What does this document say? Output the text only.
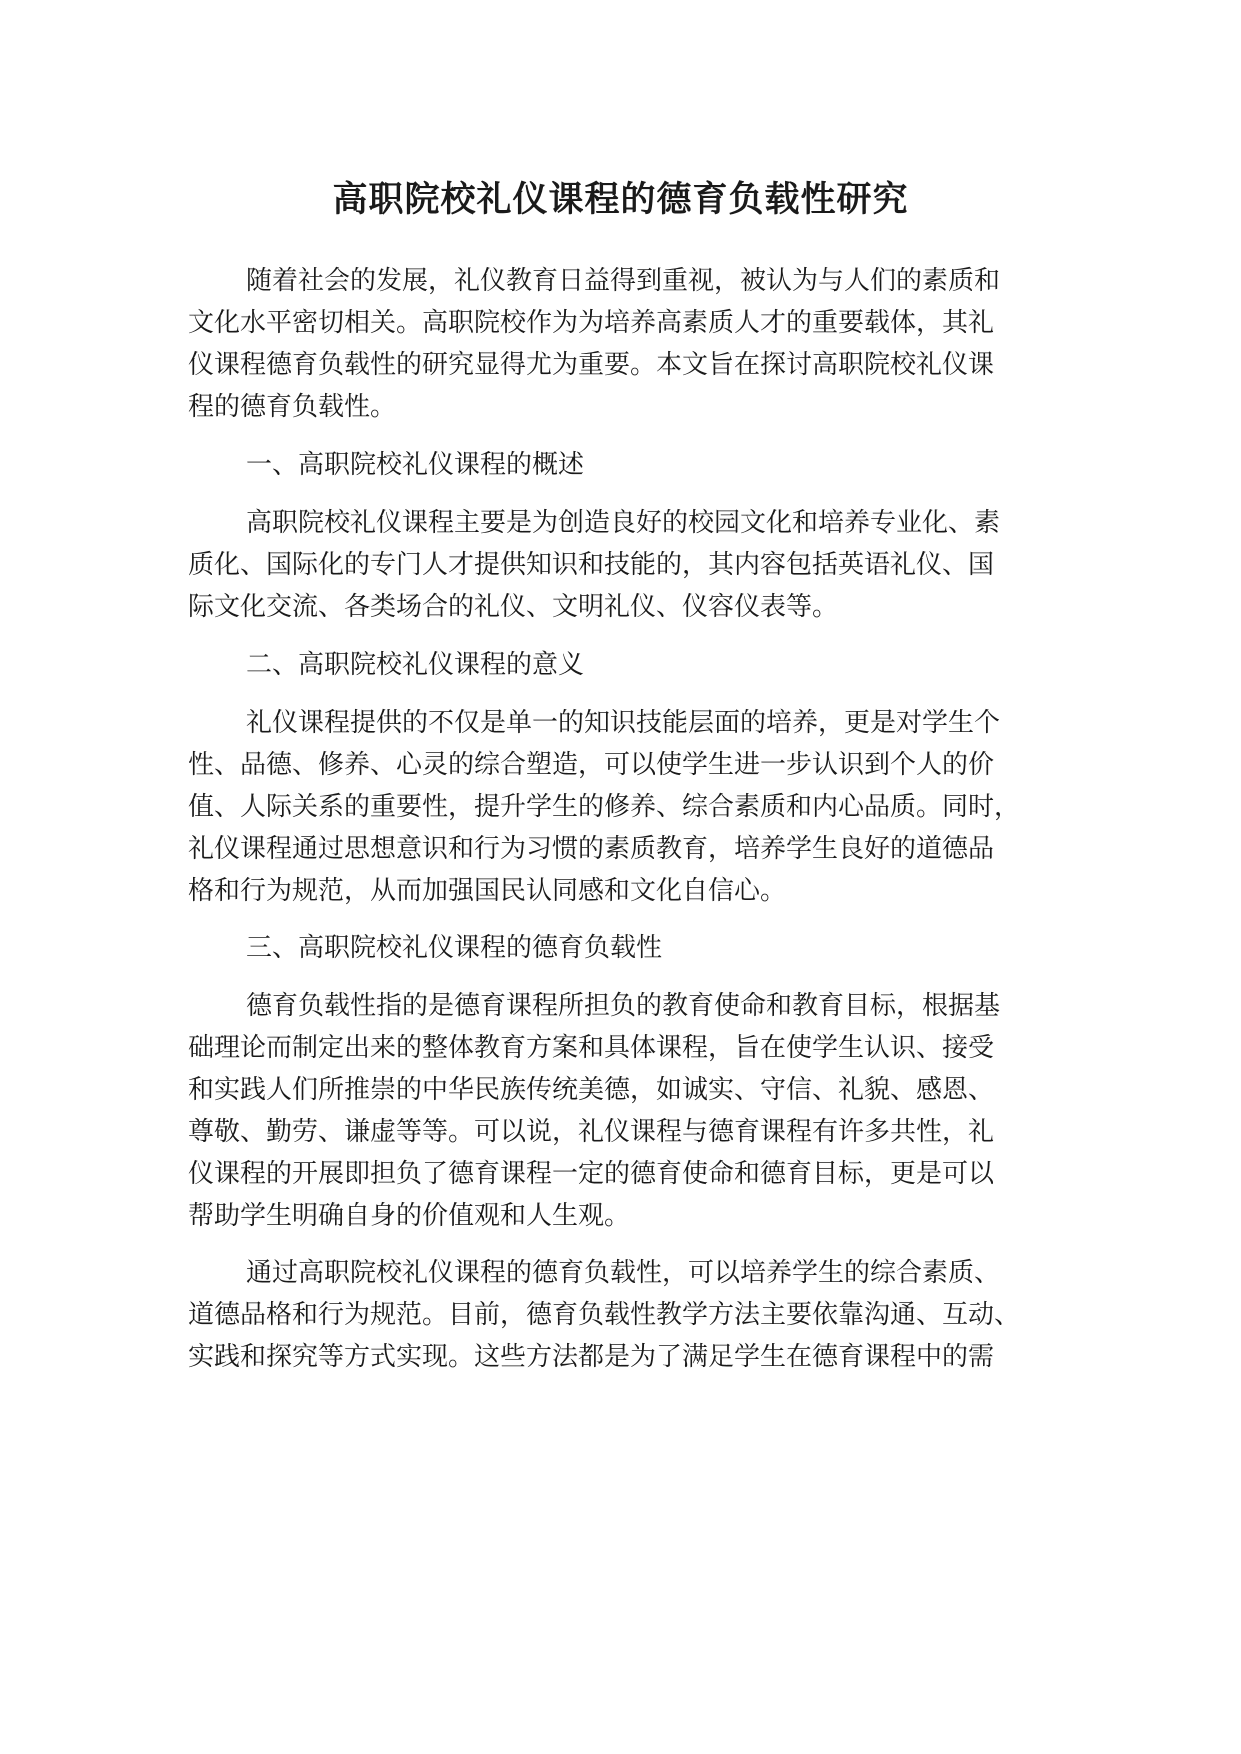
高职院校礼仪课程的德育负载性研究

随着社会的发展，礼仪教育日益得到重视，被认为与人们的素质和

文化水平密切相关。高职院校作为为培养高素质人才的重要载体，其礼

仪课程德育负载性的研究显得尤为重要。本文旨在探讨高职院校礼仪课

程的德育负载性。

一、高职院校礼仪课程的概述

高职院校礼仪课程主要是为创造良好的校园文化和培养专业化、素

质化、国际化的专门人才提供知识和技能的，其内容包括英语礼仪、国

际文化交流、各类场合的礼仪、文明礼仪、仪容仪表等。

二、高职院校礼仪课程的意义

礼仪课程提供的不仅是单一的知识技能层面的培养，更是对学生个

性、品德、修养、心灵的综合塑造，可以使学生进一步认识到个人的价

值、人际关系的重要性，提升学生的修养、综合素质和内心品质。同时，

礼仪课程通过思想意识和行为习惯的素质教育，培养学生良好的道德品

格和行为规范，从而加强国民认同感和文化自信心。

三、高职院校礼仪课程的德育负载性

德育负载性指的是德育课程所担负的教育使命和教育目标，根据基

础理论而制定出来的整体教育方案和具体课程，旨在使学生认识、接受

和实践人们所推崇的中华民族传统美德，如诚实、守信、礼貌、感恩、

尊敬、勤劳、谦虚等等。可以说，礼仪课程与德育课程有许多共性，礼

仪课程的开展即担负了德育课程一定的德育使命和德育目标，更是可以

帮助学生明确自身的价值观和人生观。

通过高职院校礼仪课程的德育负载性，可以培养学生的综合素质、

道德品格和行为规范。目前，德育负载性教学方法主要依靠沟通、互动、

实践和探究等方式实现。这些方法都是为了满足学生在德育课程中的需
